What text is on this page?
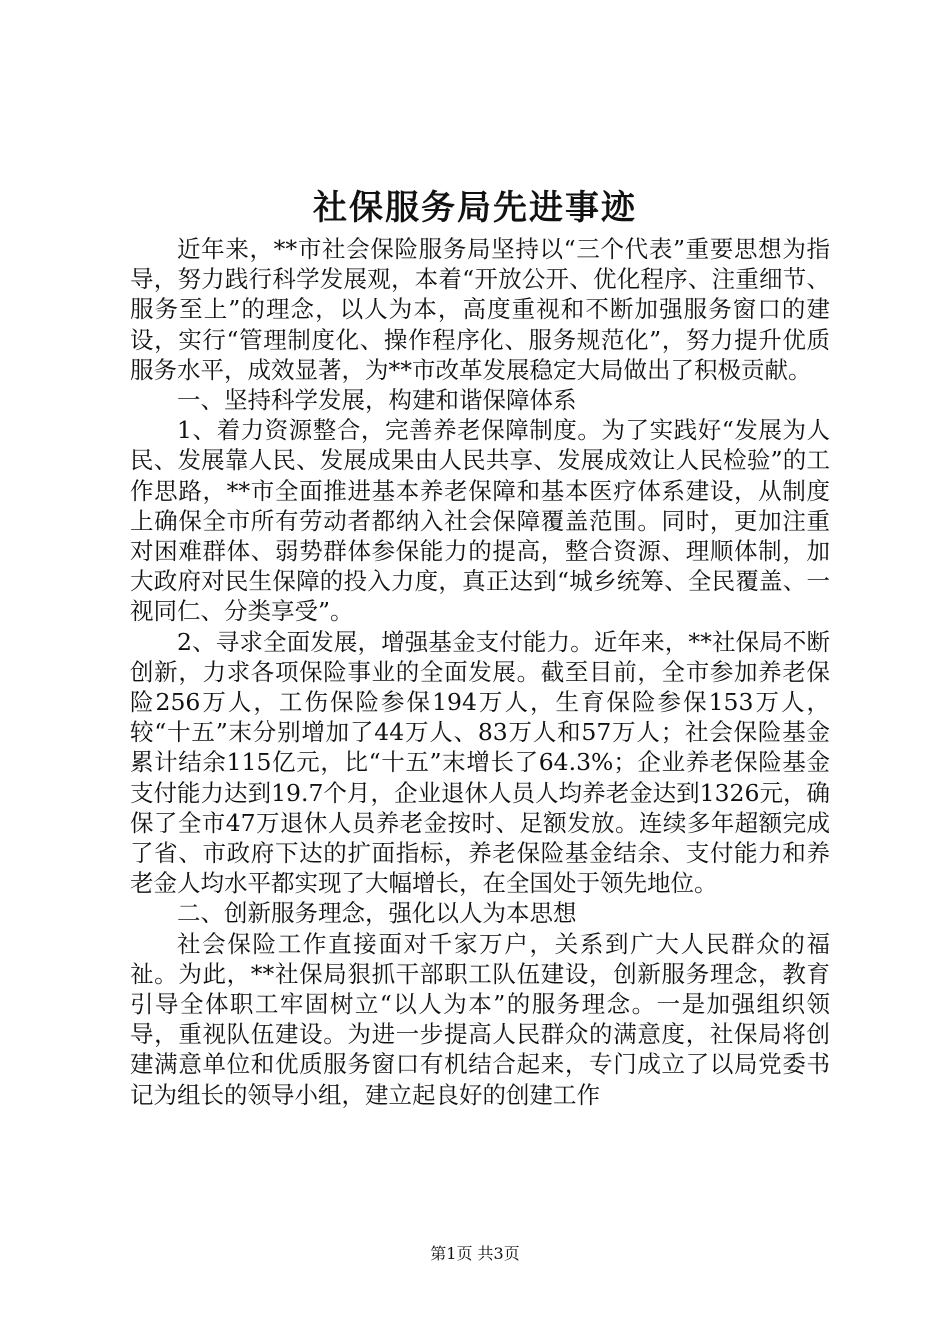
社保服务局先进事迹

近年来，**市社会保险服务局坚持以“三个代表”重要思想为指导，努力践行科学发展观，本着“开放公开、优化程序、注重细节、服务至上”的理念，以人为本，高度重视和不断加强服务窗口的建设，实行“管理制度化、操作程序化、服务规范化”，努力提升优质服务水平，成效显著，为**市改革发展稳定大局做出了积极贡献。

一、坚持科学发展，构建和谐保障体系

1、着力资源整合，完善养老保障制度。为了实践好“发展为人民、发展靠人民、发展成果由人民共享、发展成效让人民检验”的工作思路，**市全面推进基本养老保障和基本医疗体系建设，从制度上确保全市所有劳动者都纳入社会保障覆盖范围。同时，更加注重对困难群体、弱势群体参保能力的提高，整合资源、理顺体制，加大政府对民生保障的投入力度，真正达到“城乡统筹、全民覆盖、一视同仁、分类享受”。

2、寻求全面发展，增强基金支付能力。近年来，**社保局不断创新，力求各项保险事业的全面发展。截至目前，全市参加养老保险256万人，工伤保险参保194万人，生育保险参保153万人，较“十五”末分别增加了44万人、83万人和57万人；社会保险基金累计结余115亿元，比“十五”末增长了64.3%；企业养老保险基金支付能力达到19.7个月，企业退休人员人均养老金达到1326元，确保了全市47万退休人员养老金按时、足额发放。连续多年超额完成了省、市政府下达的扩面指标，养老保险基金结余、支付能力和养老金人均水平都实现了大幅增长，在全国处于领先地位。

二、创新服务理念，强化以人为本思想

社会保险工作直接面对千家万户，关系到广大人民群众的福祉。为此，**社保局狠抓干部职工队伍建设，创新服务理念，教育引导全体职工牢固树立“以人为本”的服务理念。一是加强组织领导，重视队伍建设。为进一步提高人民群众的满意度，社保局将创建满意单位和优质服务窗口有机结合起来，专门成立了以局党委书记为组长的领导小组，建立起良好的创建工作

第1页 共3页
